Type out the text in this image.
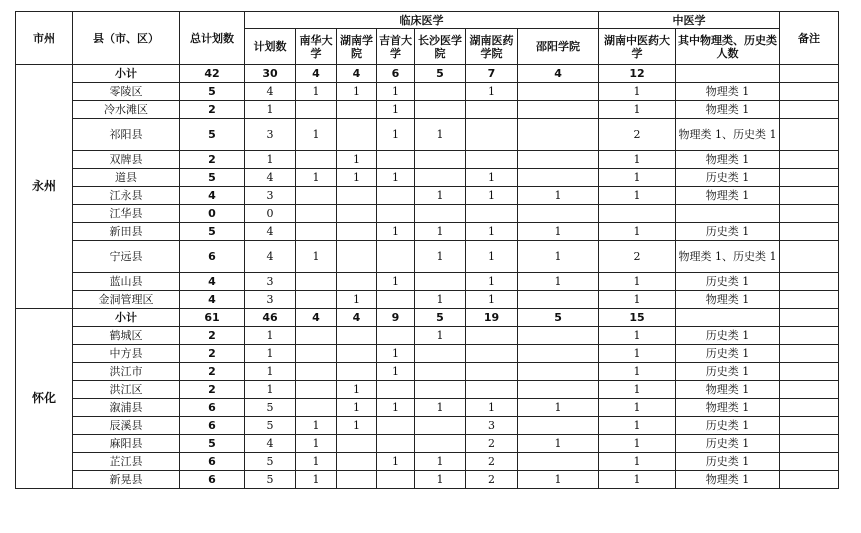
市州	县（市、区）	总计划数	临床医学							中医学		备注
			计划数	南华大学	湖南学院	吉首大学	长沙医学院	湖南医药学院	邵阳学院	湖南中医药大学	其中物理类、历史类人数	
永州	小计	42	30	4	4	6	5	7	4	12		
	零陵区	5	4	1	1	1		1		1	物理类 1	
	冷水滩区	2	1			1				1	物理类 1	
	祁阳县	5	3	1		1	1			2	物理类 1、历史类 1	
	双牌县	2	1		1					1	物理类 1	
	道县	5	4	1	1	1		1		1	历史类 1	
	江永县	4	3				1	1	1	1	物理类 1	
	江华县	0	0									
	新田县	5	4			1	1	1	1	1	历史类 1	
	宁远县	6	4	1			1	1	1	2	物理类 1、历史类 1	
	蓝山县	4	3			1		1	1	1	历史类 1	
	金洞管理区	4	3		1		1	1		1	物理类 1	
怀化	小计	61	46	4	4	9	5	19	5	15		
	鹤城区	2	1				1			1	历史类 1	
	中方县	2	1			1				1	历史类 1	
	洪江市	2	1			1				1	历史类 1	
	洪江区	2	1		1					1	物理类 1	
	溆浦县	6	5		1	1	1	1	1	1	物理类 1	
	辰溪县	6	5	1	1			3		1	历史类 1	
	麻阳县	5	4	1				2	1	1	历史类 1	
	芷江县	6	5	1		1	1	2		1	历史类 1	
	新晃县	6	5	1			1	2	1	1	物理类 1	
